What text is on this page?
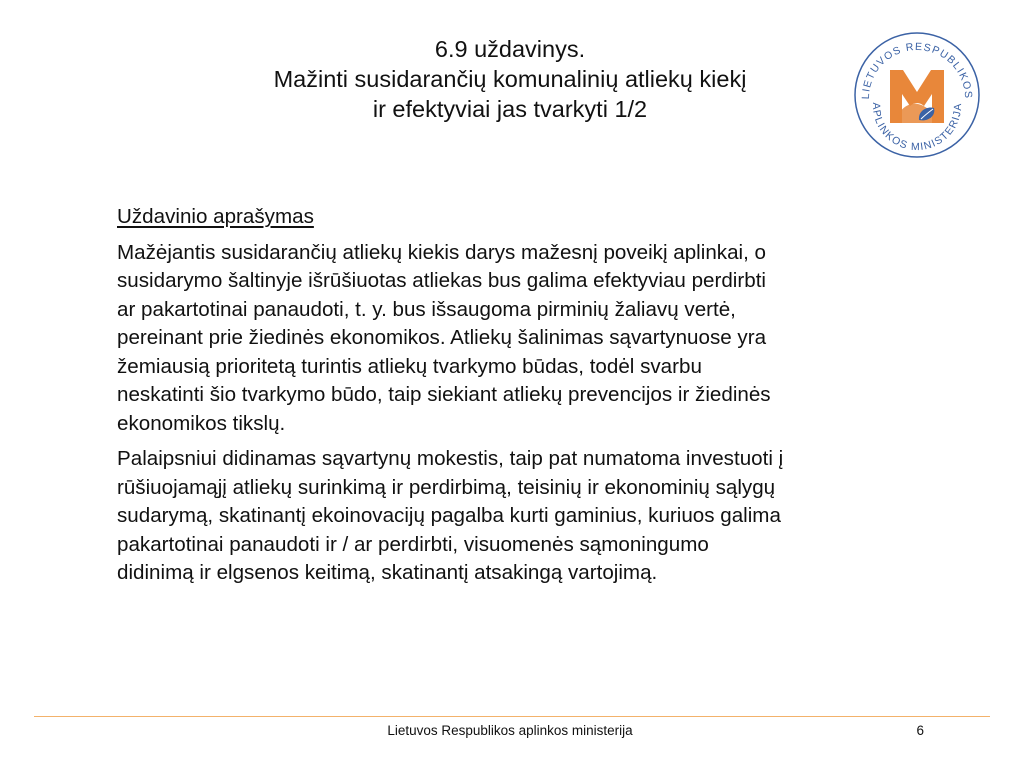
6.9 uždavinys.
Mažinti susidarančių komunalinių atliekų kiekį
ir efektyviai jas tvarkyti 1/2
LIETUVOS RESPUBLIKOS
APLINKOS MINISTERIJA

Uždavinio aprašymas

Mažėjantis susidarančių atliekų kiekis darys mažesnį poveikį aplinkai, o
susidarymo šaltinyje išrūšiuotas atliekas bus galima efektyviau perdirbti
ar pakartotinai panaudoti, t. y. bus išsaugoma pirminių žaliavų vertė,
pereinant prie žiedinės ekonomikos. Atliekų šalinimas sąvartynuose yra
žemiausią prioritetą turintis atliekų tvarkymo būdas, todėl svarbu
neskatinti šio tvarkymo būdo, taip siekiant atliekų prevencijos ir žiedinės
ekonomikos tikslų.

Palaipsniui didinamas sąvartynų mokestis, taip pat numatoma investuoti į
rūšiuojamąjį atliekų surinkimą ir perdirbimą, teisinių ir ekonominių sąlygų
sudarymą, skatinantį ekoinovacijų pagalba kurti gaminius, kuriuos galima
pakartotinai panaudoti ir / ar perdirbti, visuomenės sąmoningumo
didinimą ir elgsenos keitimą, skatinantį atsakingą vartojimą.

Lietuvos Respublikos aplinkos ministerija	6
